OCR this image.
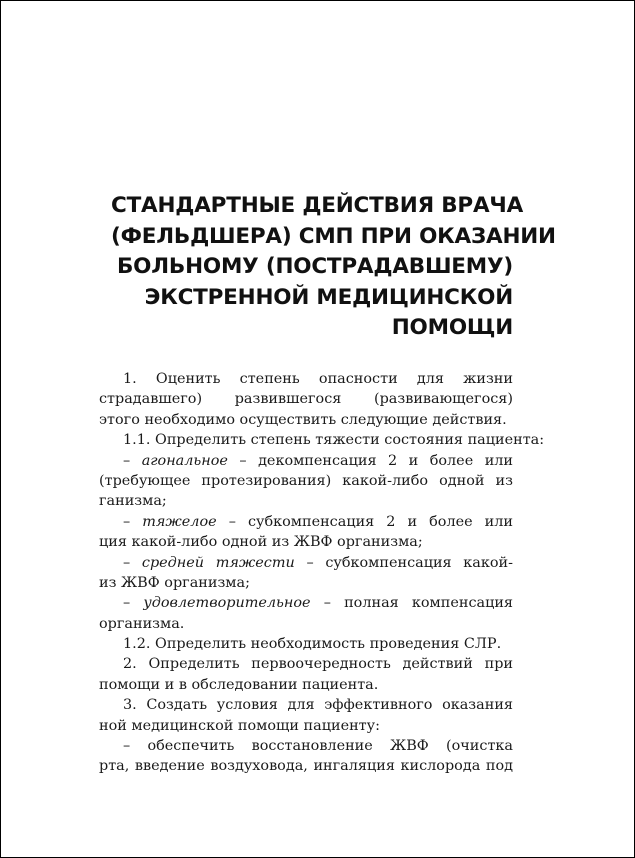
СТАНДАРТНЫЕ ДЕЙСТВИЯ ВРАЧА
(ФЕЛЬДШЕРА) СМП ПРИ ОКАЗАНИИ
БОЛЬНОМУ (ПОСТРАДАВШЕМУ)
ЭКСТРЕННОЙ МЕДИЦИНСКОЙ
ПОМОЩИ
1. Оценить степень опасности для жизни
страдавшего) развившегося (развивающегося)
этого необходимо осуществить следующие действия.
1.1. Определить степень тяжести состояния пациента:
– агональное – декомпенсация 2 и более или
(требующее протезирования) какой-либо одной из
ганизма;
– тяжелое – субкомпенсация 2 и более или
ция какой-либо одной из ЖВФ организма;
– средней тяжести – субкомпенсация какой-
из ЖВФ организма;
– удовлетворительное – полная компенсация
организма.
1.2. Определить необходимость проведения СЛР.
2. Определить первоочередность действий при
помощи и в обследовании пациента.
3. Создать условия для эффективного оказания
ной медицинской помощи пациенту:
– обеспечить восстановление ЖВФ (очистка
рта, введение воздуховода, ингаляция кислорода под
